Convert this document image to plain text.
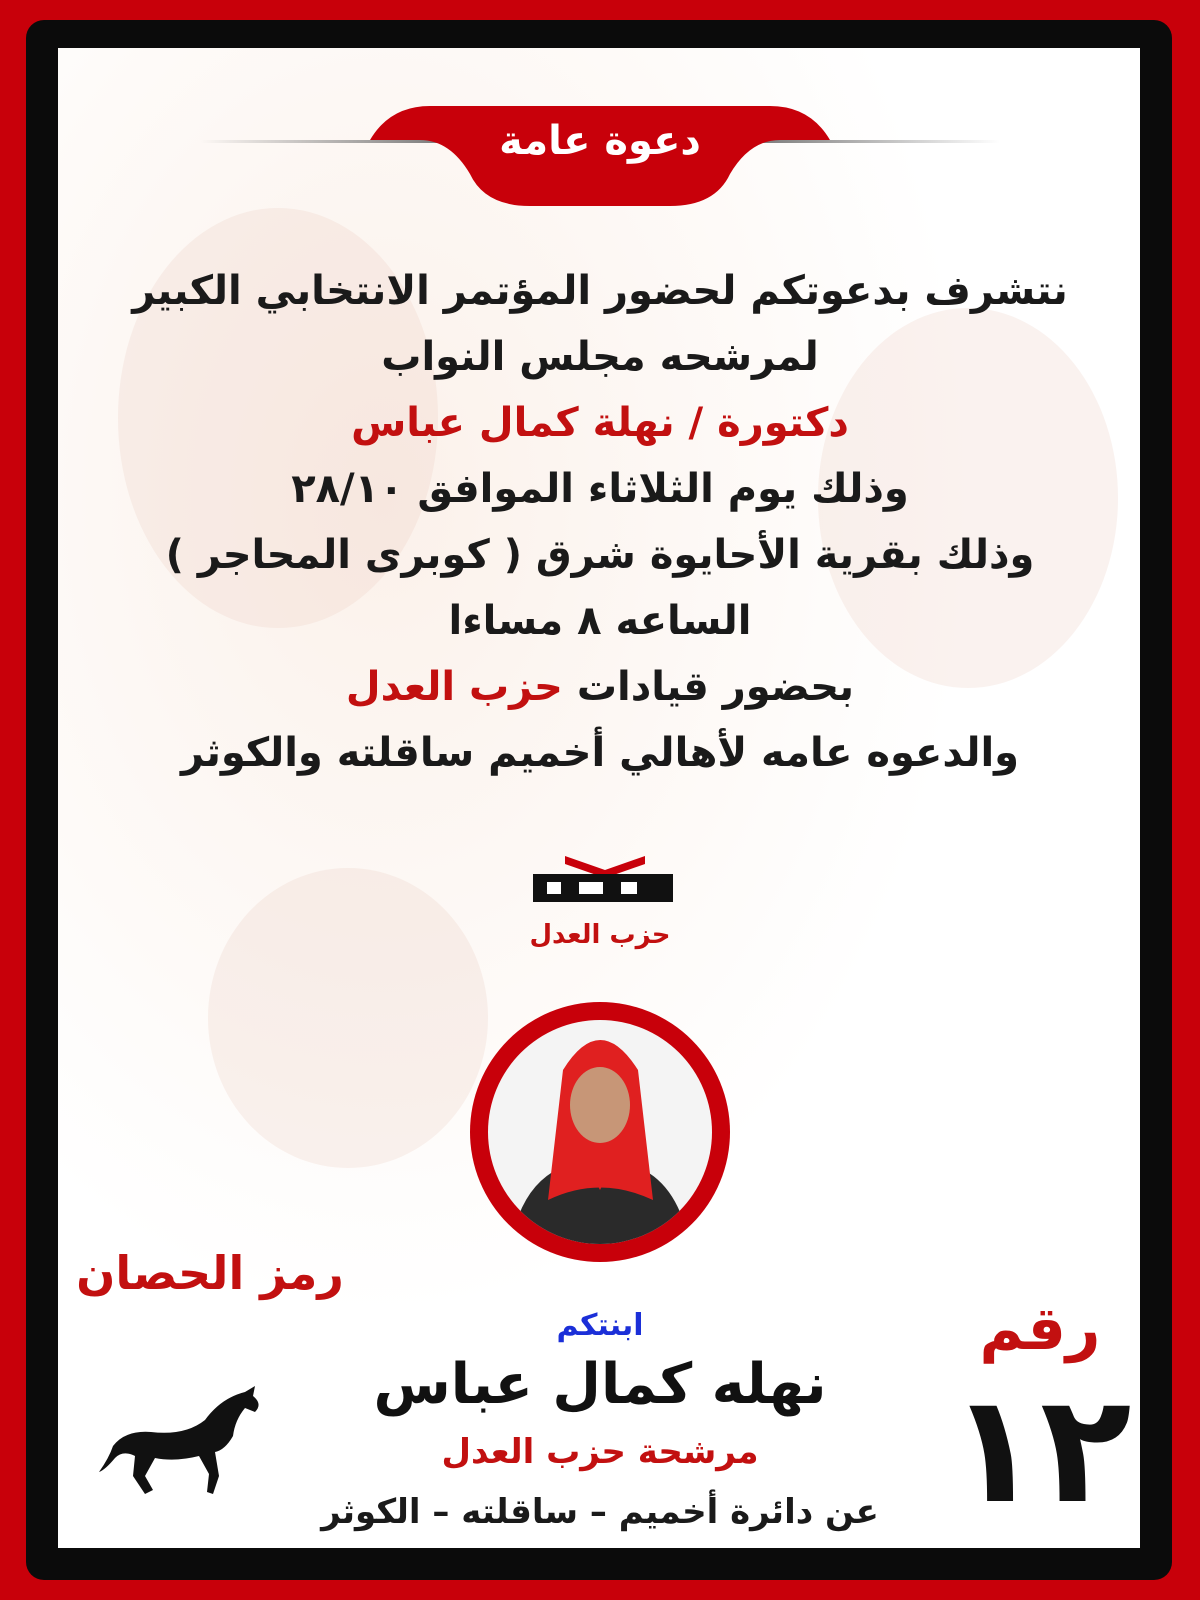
دعوة عامة
نتشرف بدعوتكم لحضور المؤتمر الانتخابي الكبير
لمرشحه مجلس النواب
دكتورة / نهلة كمال عباس
وذلك يوم الثلاثاء الموافق ٢٨/١٠
وذلك بقرية الأحايوة شرق ( كوبرى المحاجر )
الساعه ٨ مساءا
بحضور قيادات حزب العدل
والدعوه عامه لأهالي أخميم ساقلته والكوثر
حزب العدل
ابنتكم
نهله كمال عباس
مرشحة حزب العدل
عن دائرة أخميم – ساقلته – الكوثر
رمز الحصان
رقم
١٢
